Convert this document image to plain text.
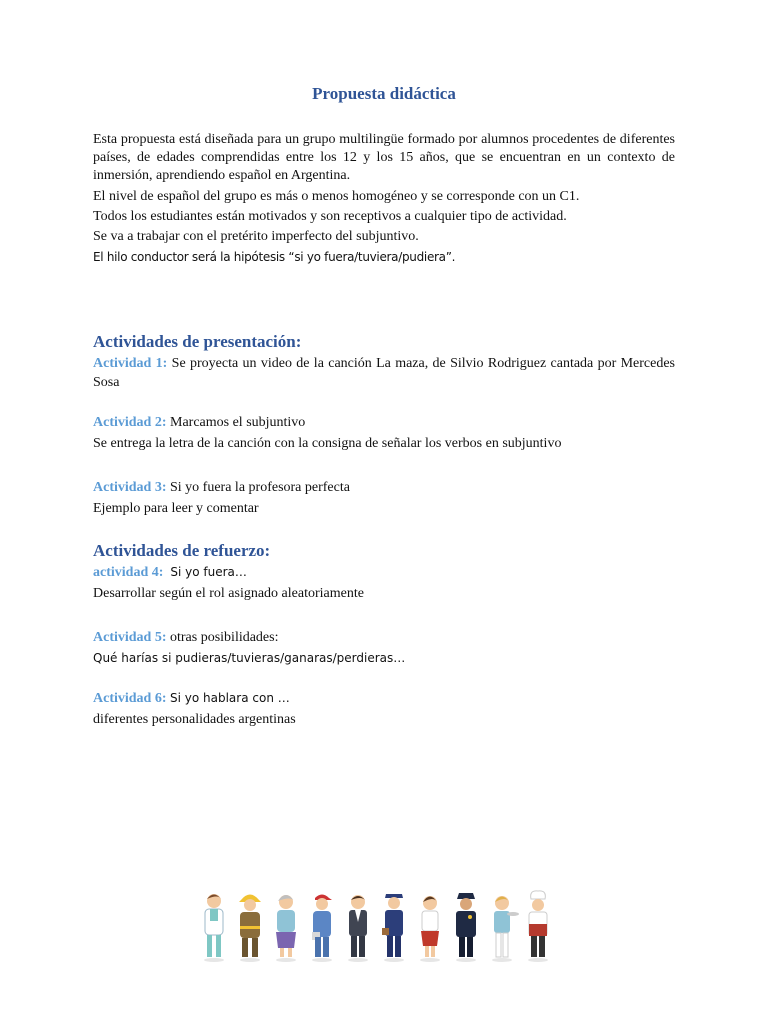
Propuesta didáctica

Esta propuesta está diseñada para un grupo multilingüe formado por alumnos procedentes de diferentes países, de edades comprendidas entre los 12 y los 15 años, que se encuentran en un contexto de inmersión, aprendiendo español en Argentina.

El nivel de español del grupo es más o menos homogéneo y se corresponde con un C1.

Todos los estudiantes están motivados y son receptivos a cualquier tipo de actividad.

Se va a trabajar con el pretérito imperfecto del subjuntivo.

El hilo conductor será la hipótesis “si yo fuera/tuviera/pudiera”.

Actividades de presentación:

Actividad 1: Se proyecta un video de la canción La maza, de Silvio Rodriguez cantada por Mercedes Sosa

Actividad 2: Marcamos el subjuntivo

Se entrega la letra de la canción con la consigna de señalar los verbos en subjuntivo

Actividad 3: Si yo fuera la profesora perfecta

Ejemplo para leer y comentar

Actividades de refuerzo:

actividad 4: Si yo fuera…

Desarrollar según el rol asignado aleatoriamente

Actividad 5: otras posibilidades:

Qué harías si pudieras/tuvieras/ganaras/perdieras…

Actividad 6: Si yo hablara con …

diferentes personalidades argentinas
